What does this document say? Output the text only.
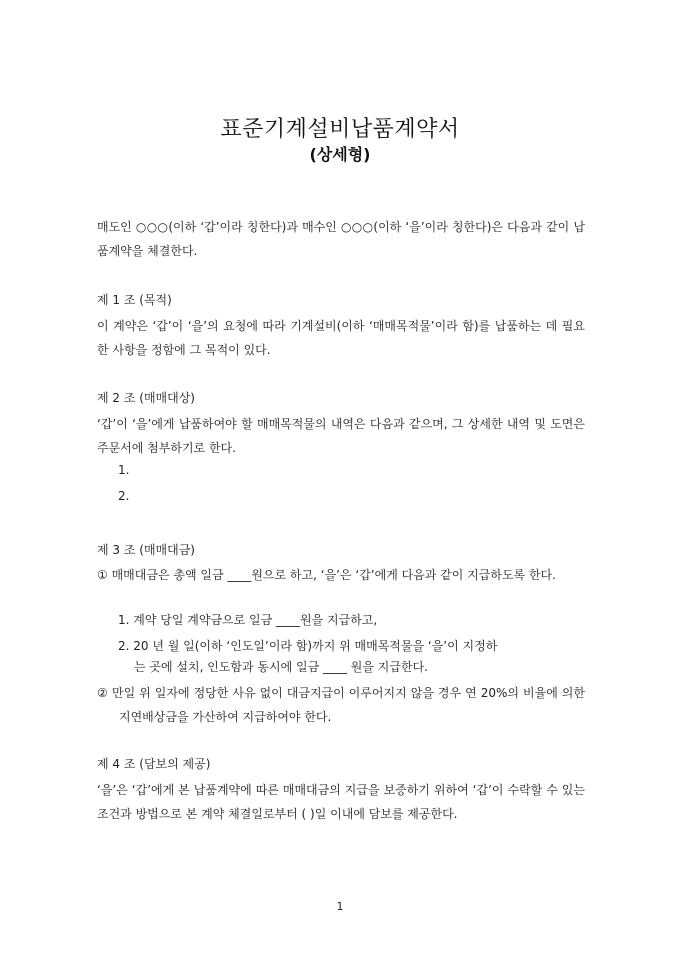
표준기계설비납품계약서
(상세형)
매도인 ○○○(이하 ‘갑’이라 칭한다)과 매수인 ○○○(이하 ‘을’이라 칭한다)은 다음과 같이 납품계약을 체결한다.
제 1 조 (목적)
이 계약은 ‘갑’이 ‘을’의 요청에 따라 기계설비(이하 ‘매매목적물’이라 함)를 납품하는 데 필요한 사항을 정함에 그 목적이 있다.
제 2 조 (매매대상)
‘갑’이 ‘을’에게 납품하여야 할 매매목적물의 내역은 다음과 같으며, 그 상세한 내역 및 도면은 주문서에 첨부하기로 한다.
1.
2.
제 3 조 (매매대금)
① 매매대금은 총액 일금 ____원으로 하고, ‘을’은 ‘갑’에게 다음과 같이 지급하도록 한다.
1. 계약 당일 계약금으로 일금 ____원을 지급하고,
2. 20 년 월 일(이하 ‘인도일’이라 함)까지 위 매매목적물을 ‘을’이 지정하
는 곳에 설치, 인도함과 동시에 일금 ____ 원을 지급한다.
② 만일 위 일자에 정당한 사유 없이 대금지급이 이루어지지 않을 경우 연 20%의 비율에 의한 지연배상금을 가산하여 지급하여야 한다.
제 4 조 (담보의 제공)
‘을’은 ‘갑’에게 본 납품계약에 따른 매매대금의 지급을 보증하기 위하여 ‘갑’이 수락할 수 있는 조건과 방법으로 본 계약 체결일로부터 ( )일 이내에 담보를 제공한다.
1
